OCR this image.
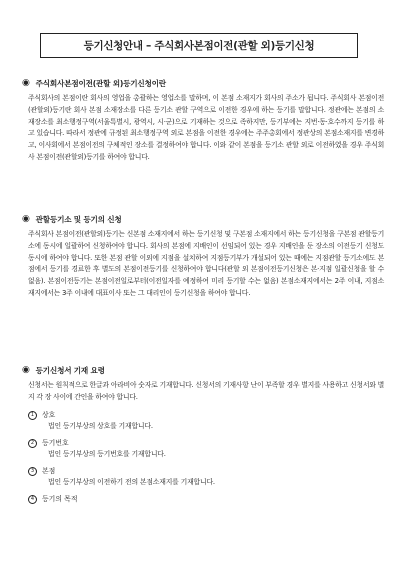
등기신청안내 – 주식회사본점이전(관할 외)등기신청
◉ 주식회사본점이전(관할 외)등기신청이란

주식회사의 본점이란 회사의 영업을 총괄하는 영업소를 말하며, 이 본점 소재지가 회사의 주소가 됩니다. 주식회사 본점이전(관할외)등기란 회사 본점 소재장소를 다른 등기소 관할 구역으로 이전한 경우에 하는 등기를 말합니다. 정관에는 본점의 소재장소를 최소행정구역(서울특별시, 광역시, 시·군)으로 기재하는 것으로 족하지만, 등기부에는 지번·동·호수까지 등기를 하고 있습니다. 따라서 정관에 규정된 최소행정구역 외로 본점을 이전한 경우에는 주주총회에서 정관상의 본점소재지를 변경하고, 이사회에서 본점이전의 구체적인 장소를 결정하여야 합니다. 이와 같이 본점을 등기소 관할 외로 이전하였을 경우 주식회사 본점이전(관할외)등기를 하여야 합니다.

◉ 관할등기소 및 등기의 신청

주식회사 본점이전(관할외)등기는 신본점 소재지에서 하는 등기신청 및 구본점 소재지에서 하는 등기신청을 구본점 관할등기소에 동시에 일괄하여 신청하여야 합니다. 회사의 본점에 지배인이 선임되어 있는 경우 지배인을 둔 장소의 이전등기 신청도 동시에 하여야 합니다. 또한 본점 관할 이외에 지점을 설치하여 지점등기부가 개설되어 있는 때에는 지점관할 등기소에도 본점에서 등기를 경료한 후 별도의 본점이전등기를 신청하여야 합니다(관할 외 본점이전등기신청은 본·지점 일괄신청을 할 수 없음). 본점이전등기는 본점이전일로부터(이전일자를 예정하여 미리 등기할 수는 없음) 본점소재지에서는 2주 이내, 지점소재지에서는 3주 이내에 대표이사 또는 그 대리인이 등기신청을 하여야 합니다.

◉ 등기신청서 기재 요령

신청서는 원칙적으로 한글과 아라비아 숫자로 기재합니다. 신청서의 기재사항 난이 부족할 경우 별지를 사용하고 신청서와 별지 각 장 사이에 간인을 하여야 합니다.

1	상호
법인 등기부상의 상호를 기재합니다.
2	등기번호
법인 등기부상의 등기번호를 기재합니다.
3	본점
법인 등기부상의 이전하기 전의 본점소재지를 기재합니다.
4	등기의 목적
